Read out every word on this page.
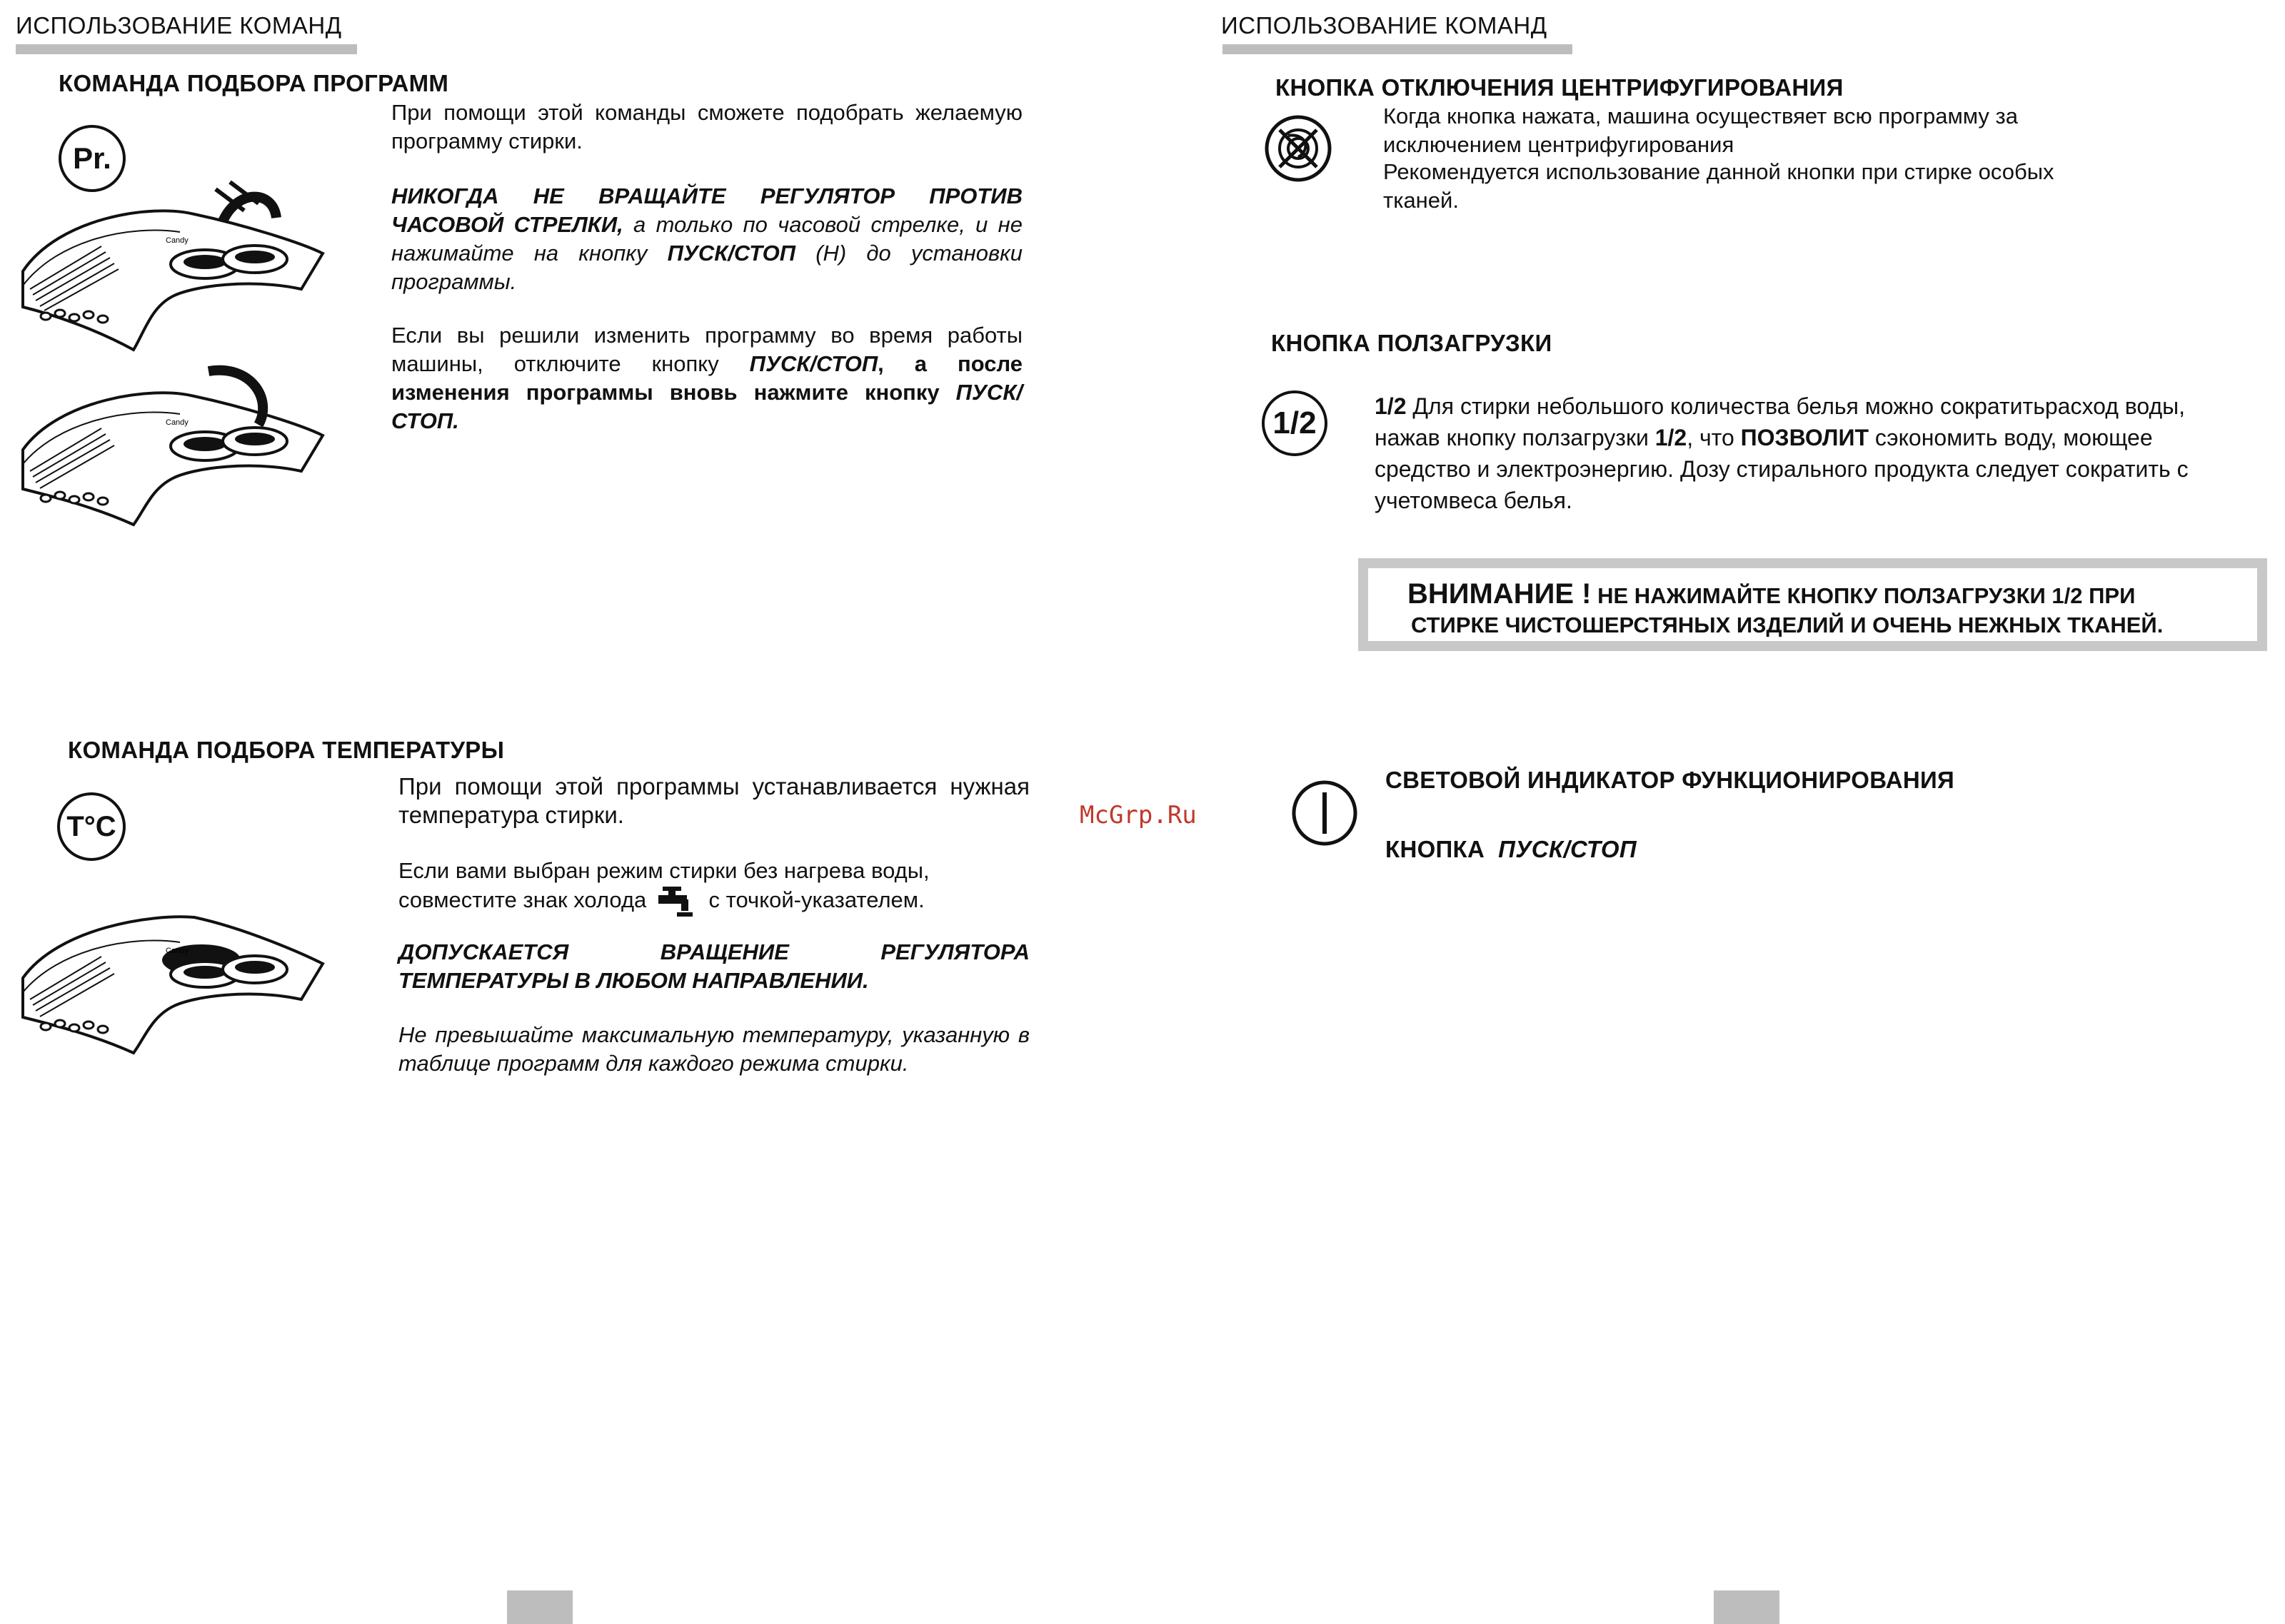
ИСПОЛЬЗОВАНИЕ КОМАНД
КОМАНДА ПОДБОРА ПРОГРАММ
Pr.
Candy
Candy
При помощи этой команды сможете подобрать желаемую программу стирки.
НИКОГДА НЕ ВРАЩАЙТЕ РЕГУЛЯТОР ПРОТИВ ЧАСОВОЙ СТРЕЛКИ, а только по часовой стрелке, и не нажимайте на кнопку ПУСК/СТОП (H) до установки программы.
Если вы решили изменить программу во время работы машины, отключите кнопку ПУСК/СТОП, а после изменения программы вновь нажмите кнопку ПУСК/СТОП.
КОМАНДА ПОДБОРА ТЕМПЕРАТУРЫ
T°C
Candy
При помощи этой программы устанавливается нужная температура стирки.
Если вами выбран режим стирки без нагрева воды, совместите знак холода	с точкой-указателем.
ДОПУСКАЕТСЯ ВРАЩЕНИЕ РЕГУЛЯТОРА ТЕМПЕРАТУРЫ В ЛЮБОМ НАПРАВЛЕНИИ.
Не превышайте максимальную температуру, указанную в таблице программ для каждого режима стирки.
McGrp.Ru
ИСПОЛЬЗОВАНИЕ КОМАНД
КНОПКА ОТКЛЮЧЕНИЯ ЦЕНТРИФУГИРОВАНИЯ
Когда кнопка нажата, машина осуществяет всю программу за
исключением центрифугирования
Рекомендуется использование данной кнопки при стирке особых
тканей.
КНОПКА ПОЛЗАГРУЗКИ
1/2	1/2 Для стирки небольшого количества белья можно сократитьрасход воды,
нажав кнопку ползагрузки 1/2, что ПОЗВОЛИТ сэкономить воду, моющее
средство и электроэнергию. Дозу стирального продукта следует сократить с
учетомвеса белья.
ВНИМАНИЕ ! НЕ НАЖИМАЙТЕ КНОПКУ ПОЛЗАГРУЗКИ 1/2 ПРИ
СТИРКЕ ЧИСТОШЕРСТЯНЫХ ИЗДЕЛИЙ И ОЧЕНЬ НЕЖНЫХ ТКАНЕЙ.
СВЕТОВОЙ ИНДИКАТОР ФУНКЦИОНИРОВАНИЯ
КНОПКА ПУСК/СТОП
